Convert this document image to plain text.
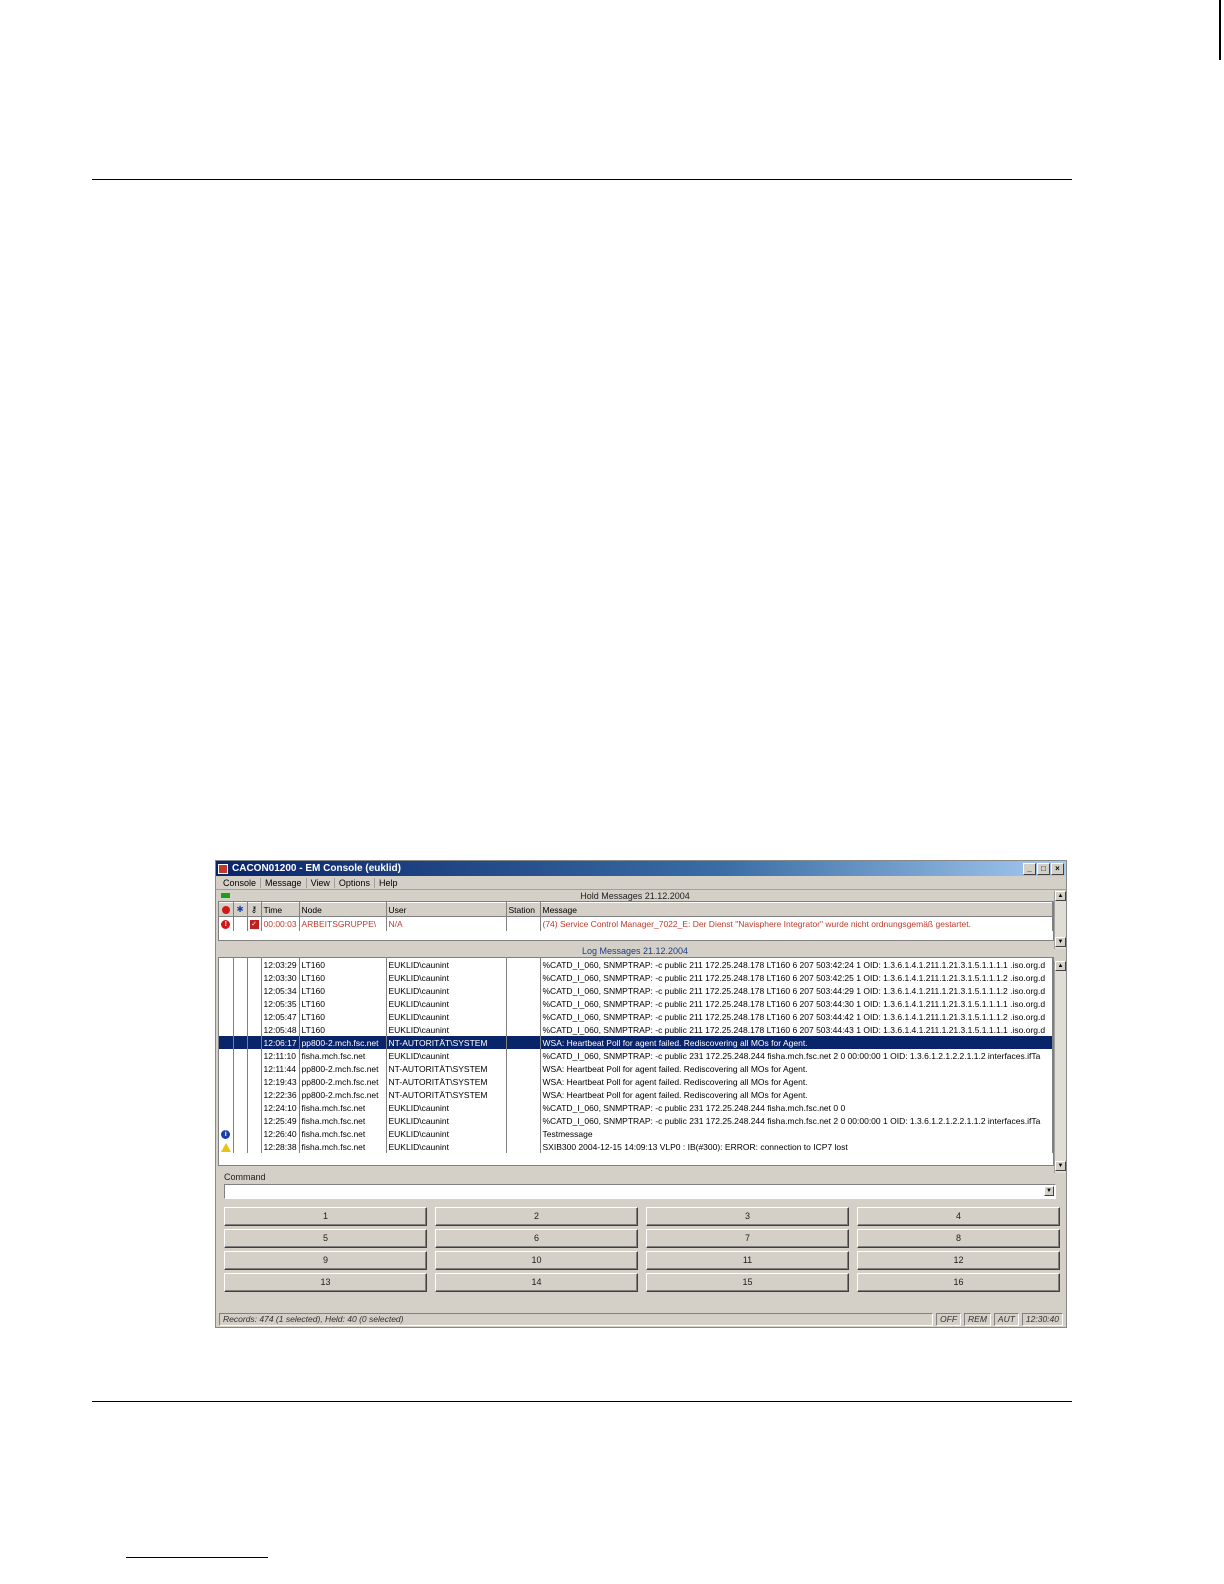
CACON01200 - EM Console (euklid)	_	□	×
Console	Message	View	Options	Help
Hold Messages 21.12.2004
	✱	⚷	Time	Node	User	Station	Message
!		✓	00:00:03	ARBEITSGRUPPE\	N/A		(74) Service Control Manager_7022_E: Der Dienst "Navisphere Integrator" wurde nicht ordnungsgemäß gestartet.
▲
▼
Log Messages 21.12.2004
			12:03:29	LT160	EUKLID\caunint		%CATD_I_060, SNMPTRAP: -c public 211 172.25.248.178 LT160 6 207 503:42:24 1 OID: 1.3.6.1.4.1.211.1.21.3.1.5.1.1.1.1 .iso.org.d
			12:03:30	LT160	EUKLID\caunint		%CATD_I_060, SNMPTRAP: -c public 211 172.25.248.178 LT160 6 207 503:42:25 1 OID: 1.3.6.1.4.1.211.1.21.3.1.5.1.1.1.2 .iso.org.d
			12:05:34	LT160	EUKLID\caunint		%CATD_I_060, SNMPTRAP: -c public 211 172.25.248.178 LT160 6 207 503:44:29 1 OID: 1.3.6.1.4.1.211.1.21.3.1.5.1.1.1.2 .iso.org.d
			12:05:35	LT160	EUKLID\caunint		%CATD_I_060, SNMPTRAP: -c public 211 172.25.248.178 LT160 6 207 503:44:30 1 OID: 1.3.6.1.4.1.211.1.21.3.1.5.1.1.1.1 .iso.org.d
			12:05:47	LT160	EUKLID\caunint		%CATD_I_060, SNMPTRAP: -c public 211 172.25.248.178 LT160 6 207 503:44:42 1 OID: 1.3.6.1.4.1.211.1.21.3.1.5.1.1.1.2 .iso.org.d
			12:05:48	LT160	EUKLID\caunint		%CATD_I_060, SNMPTRAP: -c public 211 172.25.248.178 LT160 6 207 503:44:43 1 OID: 1.3.6.1.4.1.211.1.21.3.1.5.1.1.1.1 .iso.org.d
			12:06:17	pp800-2.mch.fsc.net	NT-AUTORITÄT\SYSTEM		WSA: Heartbeat Poll for agent failed. Rediscovering all MOs for Agent.
			12:11:10	fisha.mch.fsc.net	EUKLID\caunint		%CATD_I_060, SNMPTRAP: -c public 231 172.25.248.244 fisha.mch.fsc.net 2 0 00:00:00 1 OID: 1.3.6.1.2.1.2.2.1.1.2 interfaces.ifTa
			12:11:44	pp800-2.mch.fsc.net	NT-AUTORITÄT\SYSTEM		WSA: Heartbeat Poll for agent failed. Rediscovering all MOs for Agent.
			12:19:43	pp800-2.mch.fsc.net	NT-AUTORITÄT\SYSTEM		WSA: Heartbeat Poll for agent failed. Rediscovering all MOs for Agent.
			12:22:36	pp800-2.mch.fsc.net	NT-AUTORITÄT\SYSTEM		WSA: Heartbeat Poll for agent failed. Rediscovering all MOs for Agent.
			12:24:10	fisha.mch.fsc.net	EUKLID\caunint		%CATD_I_060, SNMPTRAP: -c public 231 172.25.248.244 fisha.mch.fsc.net 0 0
			12:25:49	fisha.mch.fsc.net	EUKLID\caunint		%CATD_I_060, SNMPTRAP: -c public 231 172.25.248.244 fisha.mch.fsc.net 2 0 00:00:00 1 OID: 1.3.6.1.2.1.2.2.1.1.2 interfaces.ifTa
i			12:26:40	fisha.mch.fsc.net	EUKLID\caunint		Testmessage
			12:28:38	fisha.mch.fsc.net	EUKLID\caunint		SXIB300 2004-12-15 14:09:13 VLP0 : IB(#300): ERROR: connection to ICP7 lost
▲
▼
Command
▼
1	2	3	4
5	6	7	8
9	10	11	12
13	14	15	16
Records: 474 (1 selected), Held: 40 (0 selected)	OFF	REM	AUT	12:30:40
